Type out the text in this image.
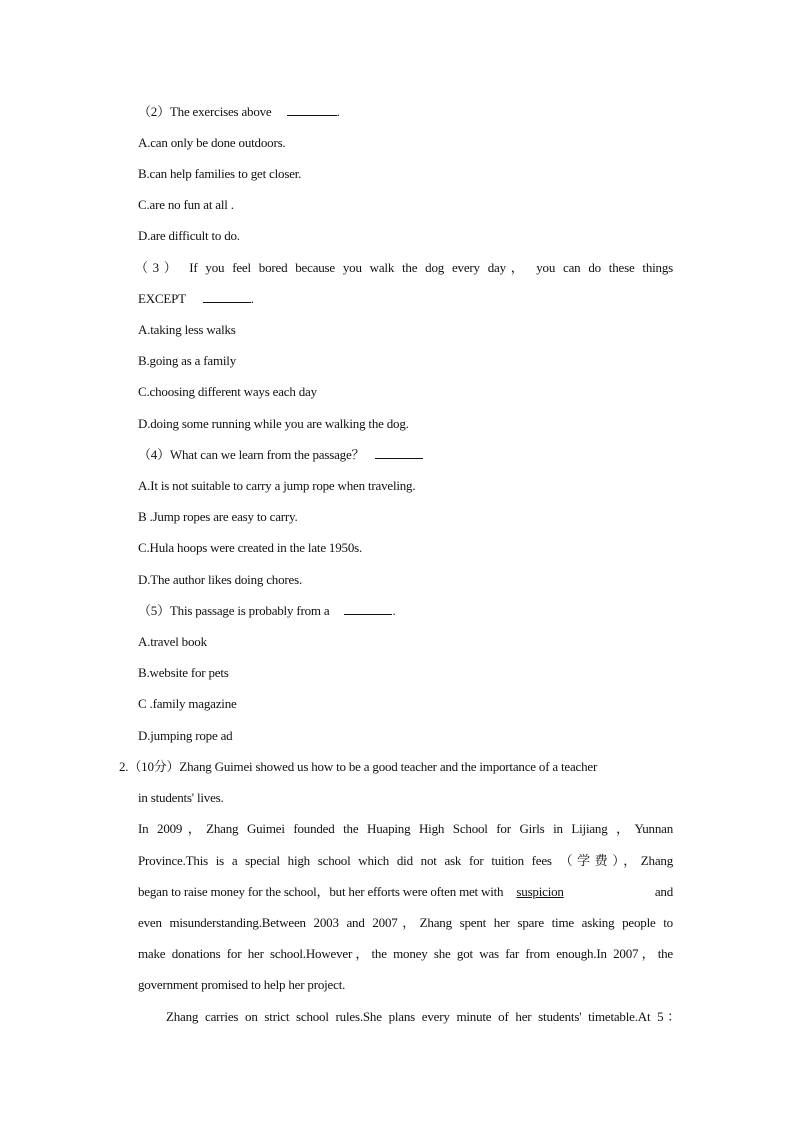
（2）The exercises above	.
A.can only be done outdoors.
B.can help families to get closer.
C.are no fun at all .
D.are difficult to do.
（3） If you feel bored because you walk the dog every day， you can do these things
EXCEPT	.
A.taking less walks
B.going as a family
C.choosing different ways each day
D.doing some running while you are walking the dog.
（4）What can we learn from the passage？
A.It is not suitable to carry a jump rope when traveling.
B .Jump ropes are easy to carry.
C.Hula hoops were created in the late 1950s.
D.The author likes doing chores.
（5）This passage is probably from a	.
A.travel book
B.website for pets
C .family magazine
D.jumping rope ad
2.（10分）Zhang Guimei showed us how to be a good teacher and the importance of a teacher
in students' lives.
In 2009，Zhang Guimei founded the Huaping High School for Girls in Lijiang ，Yunnan
Province.This is a special high school which did not ask for tuition fees （学费），Zhang
began to raise money for the school，but her efforts were often met with suspicion	and
even misunderstanding.Between 2003 and 2007，Zhang spent her spare time asking people to
make donations for her school.However，the money she got was far from enough.In 2007，the
government promised to help her project.
Zhang carries on strict school rules.She plans every minute of her students' timetable.At 5：
